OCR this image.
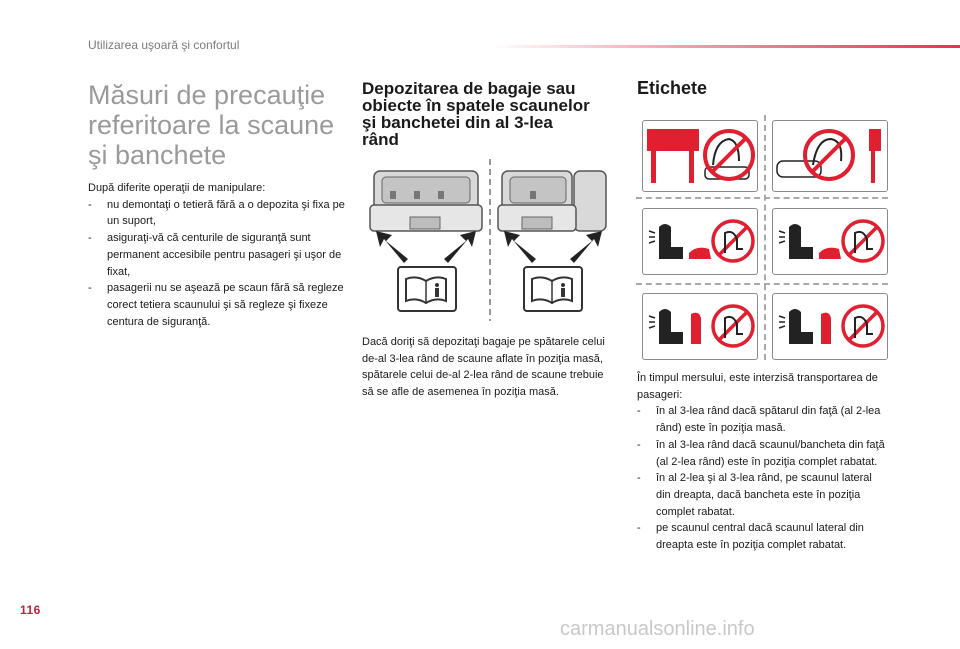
Utilizarea uşoară şi confortul
Măsuri de precauţie
referitoare la scaune
şi banchete
După diferite operaţii de manipulare:
- nu demontaţi o tetieră fără a o depozita şi fixa pe un suport,
- asiguraţi-vă că centurile de siguranţă sunt permanent accesibile pentru pasageri şi uşor de fixat,
- pasagerii nu se aşează pe scaun fără să regleze corect tetiera scaunului şi să regleze şi fixeze centura de siguranţă.
Depozitarea de bagaje sau
obiecte în spatele scaunelor
şi banchetei din al 3-lea
rând
Dacă doriţi să depozitaţi bagaje pe spătarele celui de-al 3-lea rând de scaune aflate în poziţia masă, spătarele celui de-al 2-lea rând de scaune trebuie să se afle de asemenea în poziţia masă.
Etichete
În timpul mersului, este interzisă transportarea de pasageri:
- în al 3-lea rând dacă spătarul din faţă (al 2-lea rând) este în poziţia masă.
- în al 3-lea rând dacă scaunul/bancheta din faţă (al 2-lea rând) este în poziţia complet rabatat.
- în al 2-lea şi al 3-lea rând, pe scaunul lateral din dreapta, dacă bancheta este în poziţia complet rabatat.
- pe scaunul central dacă scaunul lateral din dreapta este în poziţia complet rabatat.
116
carmanualsonline.info
